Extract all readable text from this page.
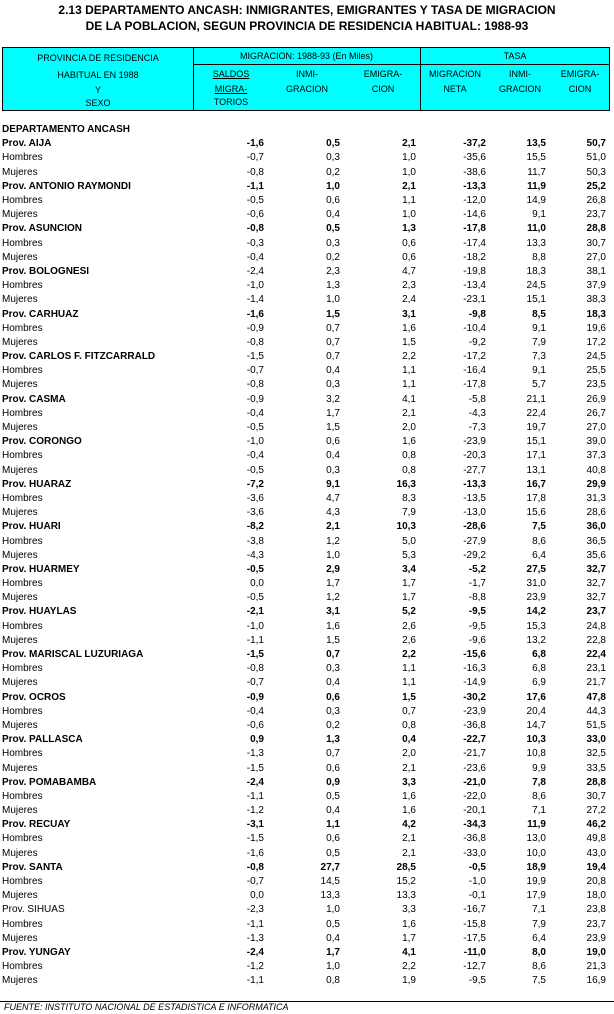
2.13 DEPARTAMENTO ANCASH: INMIGRANTES, EMIGRANTES Y TASA DE MIGRACION
DE LA POBLACION, SEGUN PROVINCIA DE RESIDENCIA HABITUAL: 1988-93
PROVINCIA DE RESIDENCIA
HABITUAL EN 1988
Y
SEXO
MIGRACION: 1988-93 (En Miles)	TASA
SALDOS
MIGRA-
TORIOS
INMI-
GRACION
EMIGRA-
CION
MIGRACION
NETA
INMI-
GRACION
EMIGRA-
CION
DEPARTAMENTO ANCASH						
Prov. AIJA	-1,6	0,5	2,1	-37,2	13,5	50,7
Hombres	-0,7	0,3	1,0	-35,6	15,5	51,0
Mujeres	-0,8	0,2	1,0	-38,6	11,7	50,3
Prov. ANTONIO RAYMONDI	-1,1	1,0	2,1	-13,3	11,9	25,2
Hombres	-0,5	0,6	1,1	-12,0	14,9	26,8
Mujeres	-0,6	0,4	1,0	-14,6	9,1	23,7
Prov. ASUNCION	-0,8	0,5	1,3	-17,8	11,0	28,8
Hombres	-0,3	0,3	0,6	-17,4	13,3	30,7
Mujeres	-0,4	0,2	0,6	-18,2	8,8	27,0
Prov. BOLOGNESI	-2,4	2,3	4,7	-19,8	18,3	38,1
Hombres	-1,0	1,3	2,3	-13,4	24,5	37,9
Mujeres	-1,4	1,0	2,4	-23,1	15,1	38,3
Prov. CARHUAZ	-1,6	1,5	3,1	-9,8	8,5	18,3
Hombres	-0,9	0,7	1,6	-10,4	9,1	19,6
Mujeres	-0,8	0,7	1,5	-9,2	7,9	17,2
Prov. CARLOS F. FITZCARRALD	-1,5	0,7	2,2	-17,2	7,3	24,5
Hombres	-0,7	0,4	1,1	-16,4	9,1	25,5
Mujeres	-0,8	0,3	1,1	-17,8	5,7	23,5
Prov. CASMA	-0,9	3,2	4,1	-5,8	21,1	26,9
Hombres	-0,4	1,7	2,1	-4,3	22,4	26,7
Mujeres	-0,5	1,5	2,0	-7,3	19,7	27,0
Prov. CORONGO	-1,0	0,6	1,6	-23,9	15,1	39,0
Hombres	-0,4	0,4	0,8	-20,3	17,1	37,3
Mujeres	-0,5	0,3	0,8	-27,7	13,1	40,8
Prov. HUARAZ	-7,2	9,1	16,3	-13,3	16,7	29,9
Hombres	-3,6	4,7	8,3	-13,5	17,8	31,3
Mujeres	-3,6	4,3	7,9	-13,0	15,6	28,6
Prov. HUARI	-8,2	2,1	10,3	-28,6	7,5	36,0
Hombres	-3,8	1,2	5,0	-27,9	8,6	36,5
Mujeres	-4,3	1,0	5,3	-29,2	6,4	35,6
Prov. HUARMEY	-0,5	2,9	3,4	-5,2	27,5	32,7
Hombres	0,0	1,7	1,7	-1,7	31,0	32,7
Mujeres	-0,5	1,2	1,7	-8,8	23,9	32,7
Prov. HUAYLAS	-2,1	3,1	5,2	-9,5	14,2	23,7
Hombres	-1,0	1,6	2,6	-9,5	15,3	24,8
Mujeres	-1,1	1,5	2,6	-9,6	13,2	22,8
Prov. MARISCAL LUZURIAGA	-1,5	0,7	2,2	-15,6	6,8	22,4
Hombres	-0,8	0,3	1,1	-16,3	6,8	23,1
Mujeres	-0,7	0,4	1,1	-14,9	6,9	21,7
Prov. OCROS	-0,9	0,6	1,5	-30,2	17,6	47,8
Hombres	-0,4	0,3	0,7	-23,9	20,4	44,3
Mujeres	-0,6	0,2	0,8	-36,8	14,7	51,5
Prov. PALLASCA	0,9	1,3	0,4	-22,7	10,3	33,0
Hombres	-1,3	0,7	2,0	-21,7	10,8	32,5
Mujeres	-1,5	0,6	2,1	-23,6	9,9	33,5
Prov. POMABAMBA	-2,4	0,9	3,3	-21,0	7,8	28,8
Hombres	-1,1	0,5	1,6	-22,0	8,6	30,7
Mujeres	-1,2	0,4	1,6	-20,1	7,1	27,2
Prov. RECUAY	-3,1	1,1	4,2	-34,3	11,9	46,2
Hombres	-1,5	0,6	2,1	-36,8	13,0	49,8
Mujeres	-1,6	0,5	2,1	-33,0	10,0	43,0
Prov. SANTA	-0,8	27,7	28,5	-0,5	18,9	19,4
Hombres	-0,7	14,5	15,2	-1,0	19,9	20,8
Mujeres	0,0	13,3	13,3	-0,1	17,9	18,0
Prov. SIHUAS	-2,3	1,0	3,3	-16,7	7,1	23,8
Hombres	-1,1	0,5	1,6	-15,8	7,9	23,7
Mujeres	-1,3	0,4	1,7	-17,5	6,4	23,9
Prov. YUNGAY	-2,4	1,7	4,1	-11,0	8,0	19,0
Hombres	-1,2	1,0	2,2	-12,7	8,6	21,3
Mujeres	-1,1	0,8	1,9	-9,5	7,5	16,9
FUENTE: INSTITUTO NACIONAL DE ESTADISTICA E INFORMATICA
